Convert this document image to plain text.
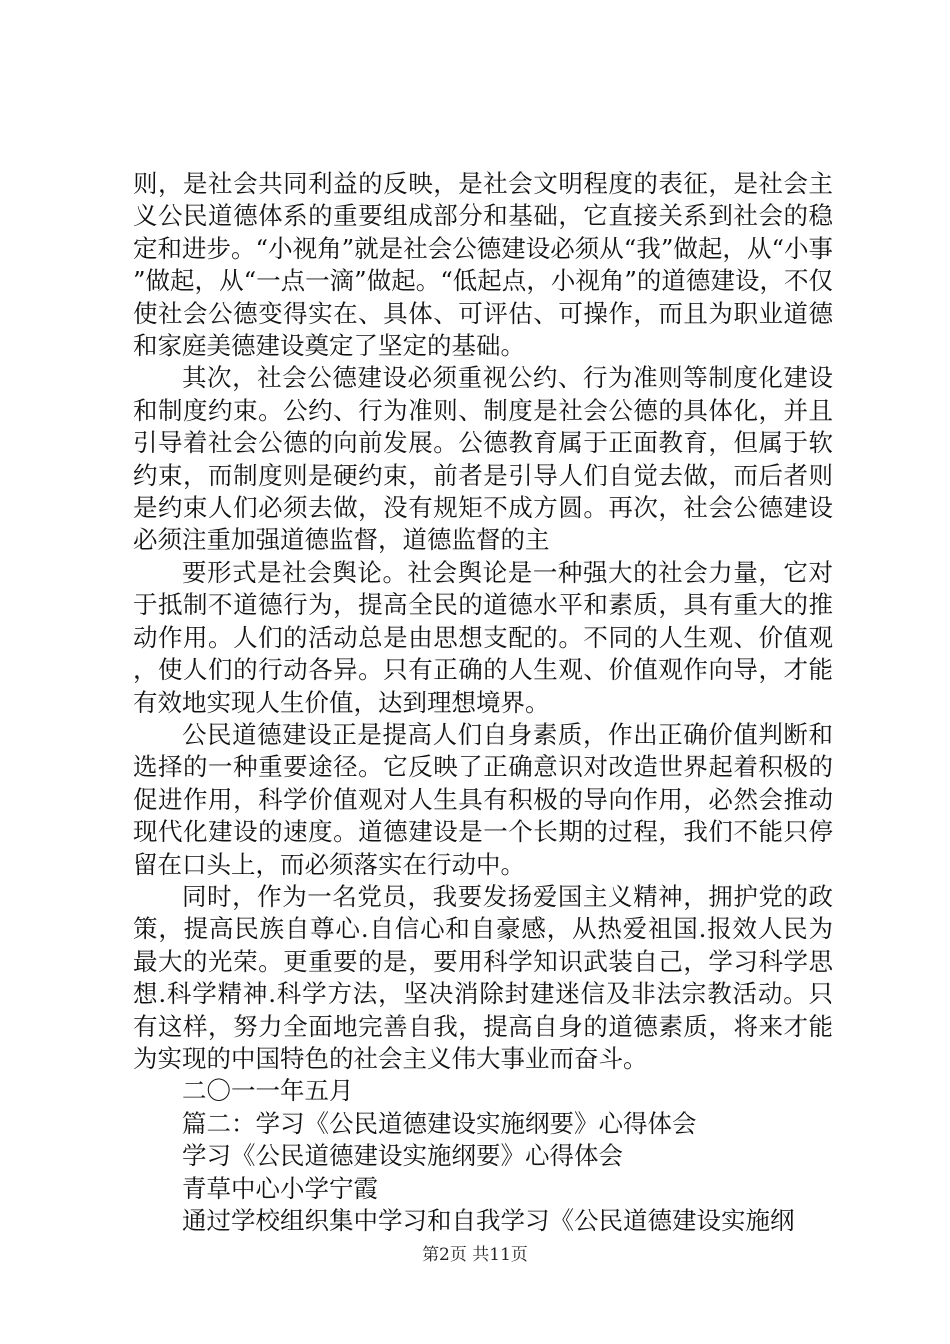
则，是社会共同利益的反映，是社会文明程度的表征，是社会主义公民道德体系的重要组成部分和基础，它直接关系到社会的稳定和进步。“小视角”就是社会公德建设必须从“我”做起，从“小事”做起，从“一点一滴”做起。“低起点，小视角”的道德建设，不仅使社会公德变得实在、具体、可评估、可操作，而且为职业道德和家庭美德建设奠定了坚定的基础。

其次，社会公德建设必须重视公约、行为准则等制度化建设和制度约束。公约、行为准则、制度是社会公德的具体化，并且引导着社会公德的向前发展。公德教育属于正面教育，但属于软约束，而制度则是硬约束，前者是引导人们自觉去做，而后者则是约束人们必须去做，没有规矩不成方圆。再次，社会公德建设必须注重加强道德监督，道德监督的主

要形式是社会舆论。社会舆论是一种强大的社会力量，它对于抵制不道德行为，提高全民的道德水平和素质，具有重大的推动作用。人们的活动总是由思想支配的。不同的人生观、价值观，使人们的行动各异。只有正确的人生观、价值观作向导，才能有效地实现人生价值，达到理想境界。

公民道德建设正是提高人们自身素质，作出正确价值判断和选择的一种重要途径。它反映了正确意识对改造世界起着积极的促进作用，科学价值观对人生具有积极的导向作用，必然会推动现代化建设的速度。道德建设是一个长期的过程，我们不能只停留在口头上，而必须落实在行动中。

同时，作为一名党员，我要发扬爱国主义精神，拥护党的政策，提高民族自尊心.自信心和自豪感，从热爱祖国.报效人民为最大的光荣。更重要的是，要用科学知识武装自己，学习科学思想.科学精神.科学方法，坚决消除封建迷信及非法宗教活动。只有这样，努力全面地完善自我，提高自身的道德素质，将来才能为实现的中国特色的社会主义伟大事业而奋斗。

二〇一一年五月

篇二：学习《公民道德建设实施纲要》心得体会

学习《公民道德建设实施纲要》心得体会

青草中心小学宁霞

通过学校组织集中学习和自我学习《公民道德建设实施纲

第2页 共11页
